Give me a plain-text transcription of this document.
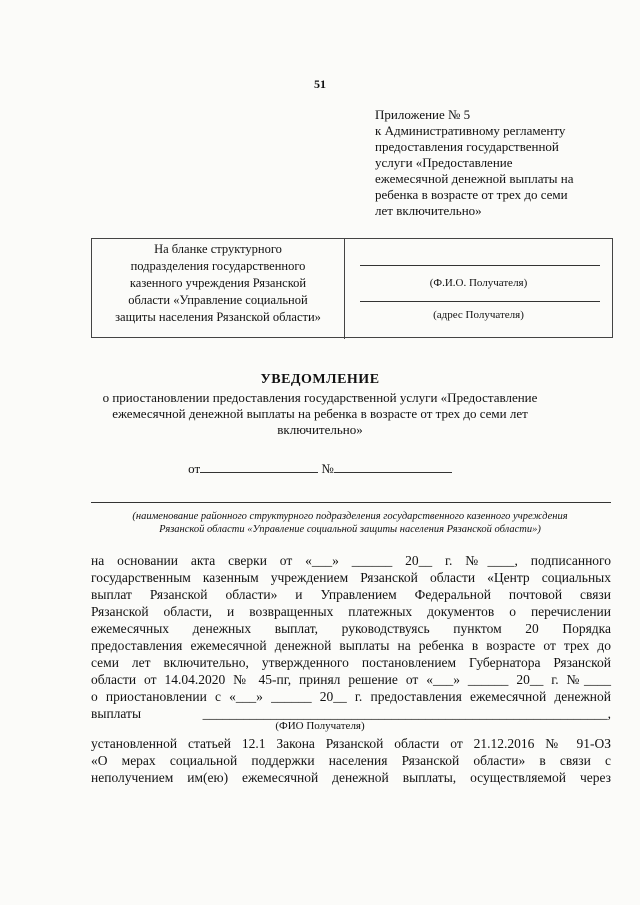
51
Приложение № 5
к Административному регламенту
предоставления государственной
услуги «Предоставление
ежемесячной денежной выплаты на
ребенка в возрасте от трех до семи
лет включительно»
На бланке структурного
подразделения государственного
казенного учреждения Рязанской
области «Управление социальной
защиты населения Рязанской области»
(Ф.И.О. Получателя)
(адрес Получателя)
УВЕДОМЛЕНИЕ
о приостановлении предоставления государственной услуги «Предоставление
ежемесячной денежной выплаты на ребенка в возрасте от трех до семи лет
включительно»
от	№
(наименование районного структурного подразделения государственного казенного учреждения
Рязанской области «Управление социальной защиты населения Рязанской области»)
на основании акта сверки от «___» ______ 20__ г. №____, подписанного
государственным казенным учреждением Рязанской области «Центр социальных
выплат Рязанской области» и Управлением Федеральной почтовой связи
Рязанской области, и возвращенных платежных документов о перечислении
ежемесячных денежных выплат, руководствуясь пунктом 20 Порядка
предоставления ежемесячной денежной выплаты на ребенка в возрасте от трех до
семи лет включительно, утвержденного постановлением Губернатора Рязанской
области от 14.04.2020 № 45-пг, принял решение от «___» ______ 20__ г. №____
о приостановлении с «___» ______ 20__ г. предоставления ежемесячной денежной
выплаты ____________________________________________________________,
(ФИО Получателя)
установленной статьей 12.1 Закона Рязанской области от 21.12.2016 № 91-ОЗ
«О мерах социальной поддержки населения Рязанской области» в связи с
неполучением им(ею) ежемесячной денежной выплаты, осуществляемой через
